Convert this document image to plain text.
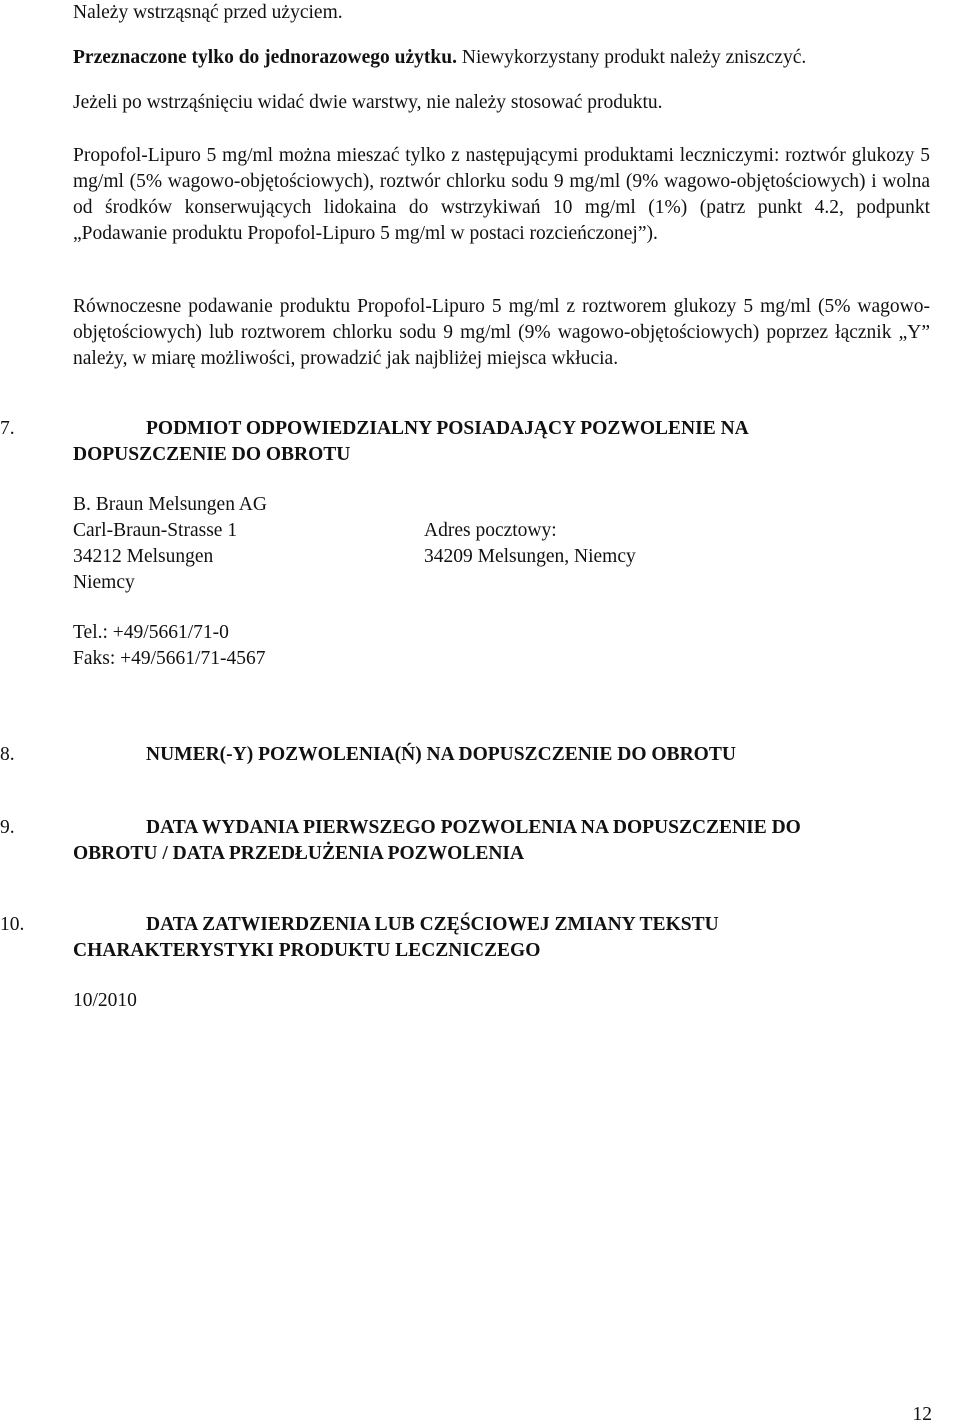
Należy wstrząsnąć przed użyciem.

Przeznaczone tylko do jednorazowego użytku. Niewykorzystany produkt należy zniszczyć.

Jeżeli po wstrząśnięciu widać dwie warstwy, nie należy stosować produktu.

Propofol-Lipuro 5 mg/ml można mieszać tylko z następującymi produktami leczniczymi: roztwór glukozy 5 mg/ml (5% wagowo-objętościowych), roztwór chlorku sodu 9 mg/ml (9% wagowo-objętościowych) i wolna od środków konserwujących lidokaina do wstrzykiwań 10 mg/ml (1%) (patrz punkt 4.2, podpunkt „Podawanie produktu Propofol-Lipuro 5 mg/ml w postaci rozcieńczonej”).

Równoczesne podawanie produktu Propofol-Lipuro 5 mg/ml z roztworem glukozy 5 mg/ml (5% wagowo-objętościowych) lub roztworem chlorku sodu 9 mg/ml (9% wagowo-objętościowych) poprzez łącznik „Y” należy, w miarę możliwości, prowadzić jak najbliżej miejsca wkłucia.

7.	PODMIOT ODPOWIEDZIALNY POSIADAJĄCY POZWOLENIE NA
DOPUSZCZENIE DO OBROTU
B. Braun Melsungen AG
Carl-Braun-Strasse 1
34212 Melsungen
Niemcy
Adres pocztowy:
34209 Melsungen, Niemcy
Tel.: +49/5661/71-0
Faks: +49/5661/71-4567
8.	NUMER(-Y) POZWOLENIA(Ń) NA DOPUSZCZENIE DO OBROTU
9.	DATA WYDANIA PIERWSZEGO POZWOLENIA NA DOPUSZCZENIE DO
OBROTU / DATA PRZEDŁUŻENIA POZWOLENIA
10.	DATA ZATWIERDZENIA LUB CZĘŚCIOWEJ ZMIANY TEKSTU
CHARAKTERYSTYKI PRODUKTU LECZNICZEGO
10/2010
12
